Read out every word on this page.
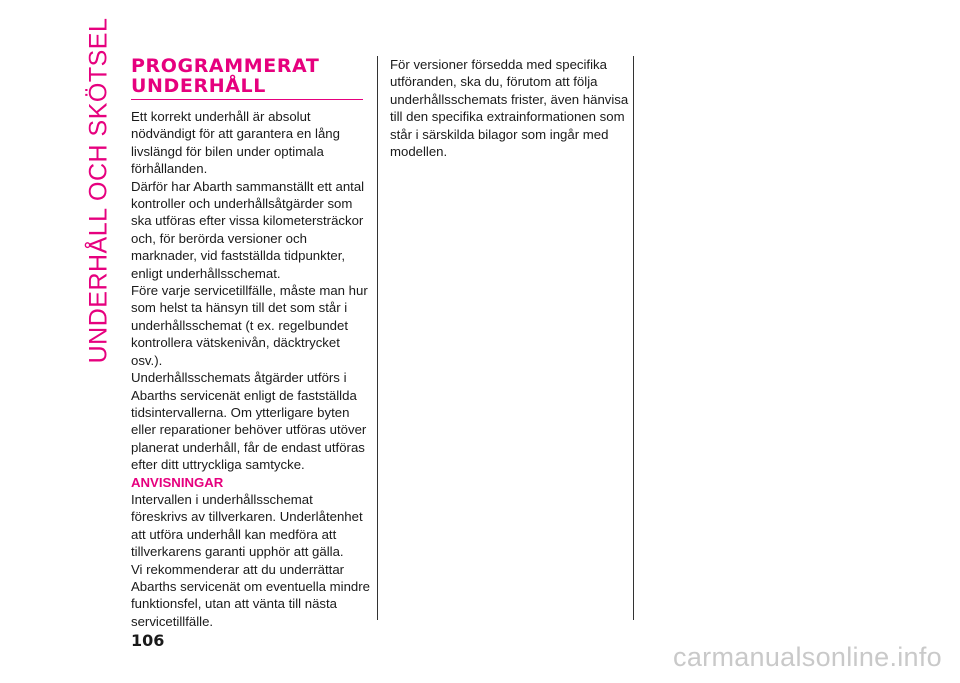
UNDERHÅLL OCH SKÖTSEL PROGRAMMERAT
UNDERHÅLL

Ett korrekt underhåll är absolut nödvändigt för att garantera en lång livslängd för bilen under optimala förhållanden.

Därför har Abarth sammanställt ett antal kontroller och underhållsåtgärder som ska utföras efter vissa kilometersträckor och, för berörda versioner och marknader, vid fastställda tidpunkter, enligt underhållsschemat.

Före varje servicetillfälle, måste man hur som helst ta hänsyn till det som står i underhållsschemat (t ex. regelbundet kontrollera vätskenivån, däcktrycket osv.).

Underhållsschemats åtgärder utförs i Abarths servicenät enligt de fastställda tidsintervallerna. Om ytterligare byten eller reparationer behöver utföras utöver planerat underhåll, får de endast utföras efter ditt uttryckliga samtycke.

ANVISNINGAR

Intervallen i underhållsschemat föreskrivs av tillverkaren. Underlåtenhet att utföra underhåll kan medföra att tillverkarens garanti upphör att gälla.

Vi rekommenderar att du underrättar Abarths servicenät om eventuella mindre funktionsfel, utan att vänta till nästa servicetillfälle.

För versioner försedda med specifika utföranden, ska du, förutom att följa underhållsschemats frister, även hänvisa till den specifika extrainformationen som står i särskilda bilagor som ingår med modellen.

106
carmanualsonline.info
